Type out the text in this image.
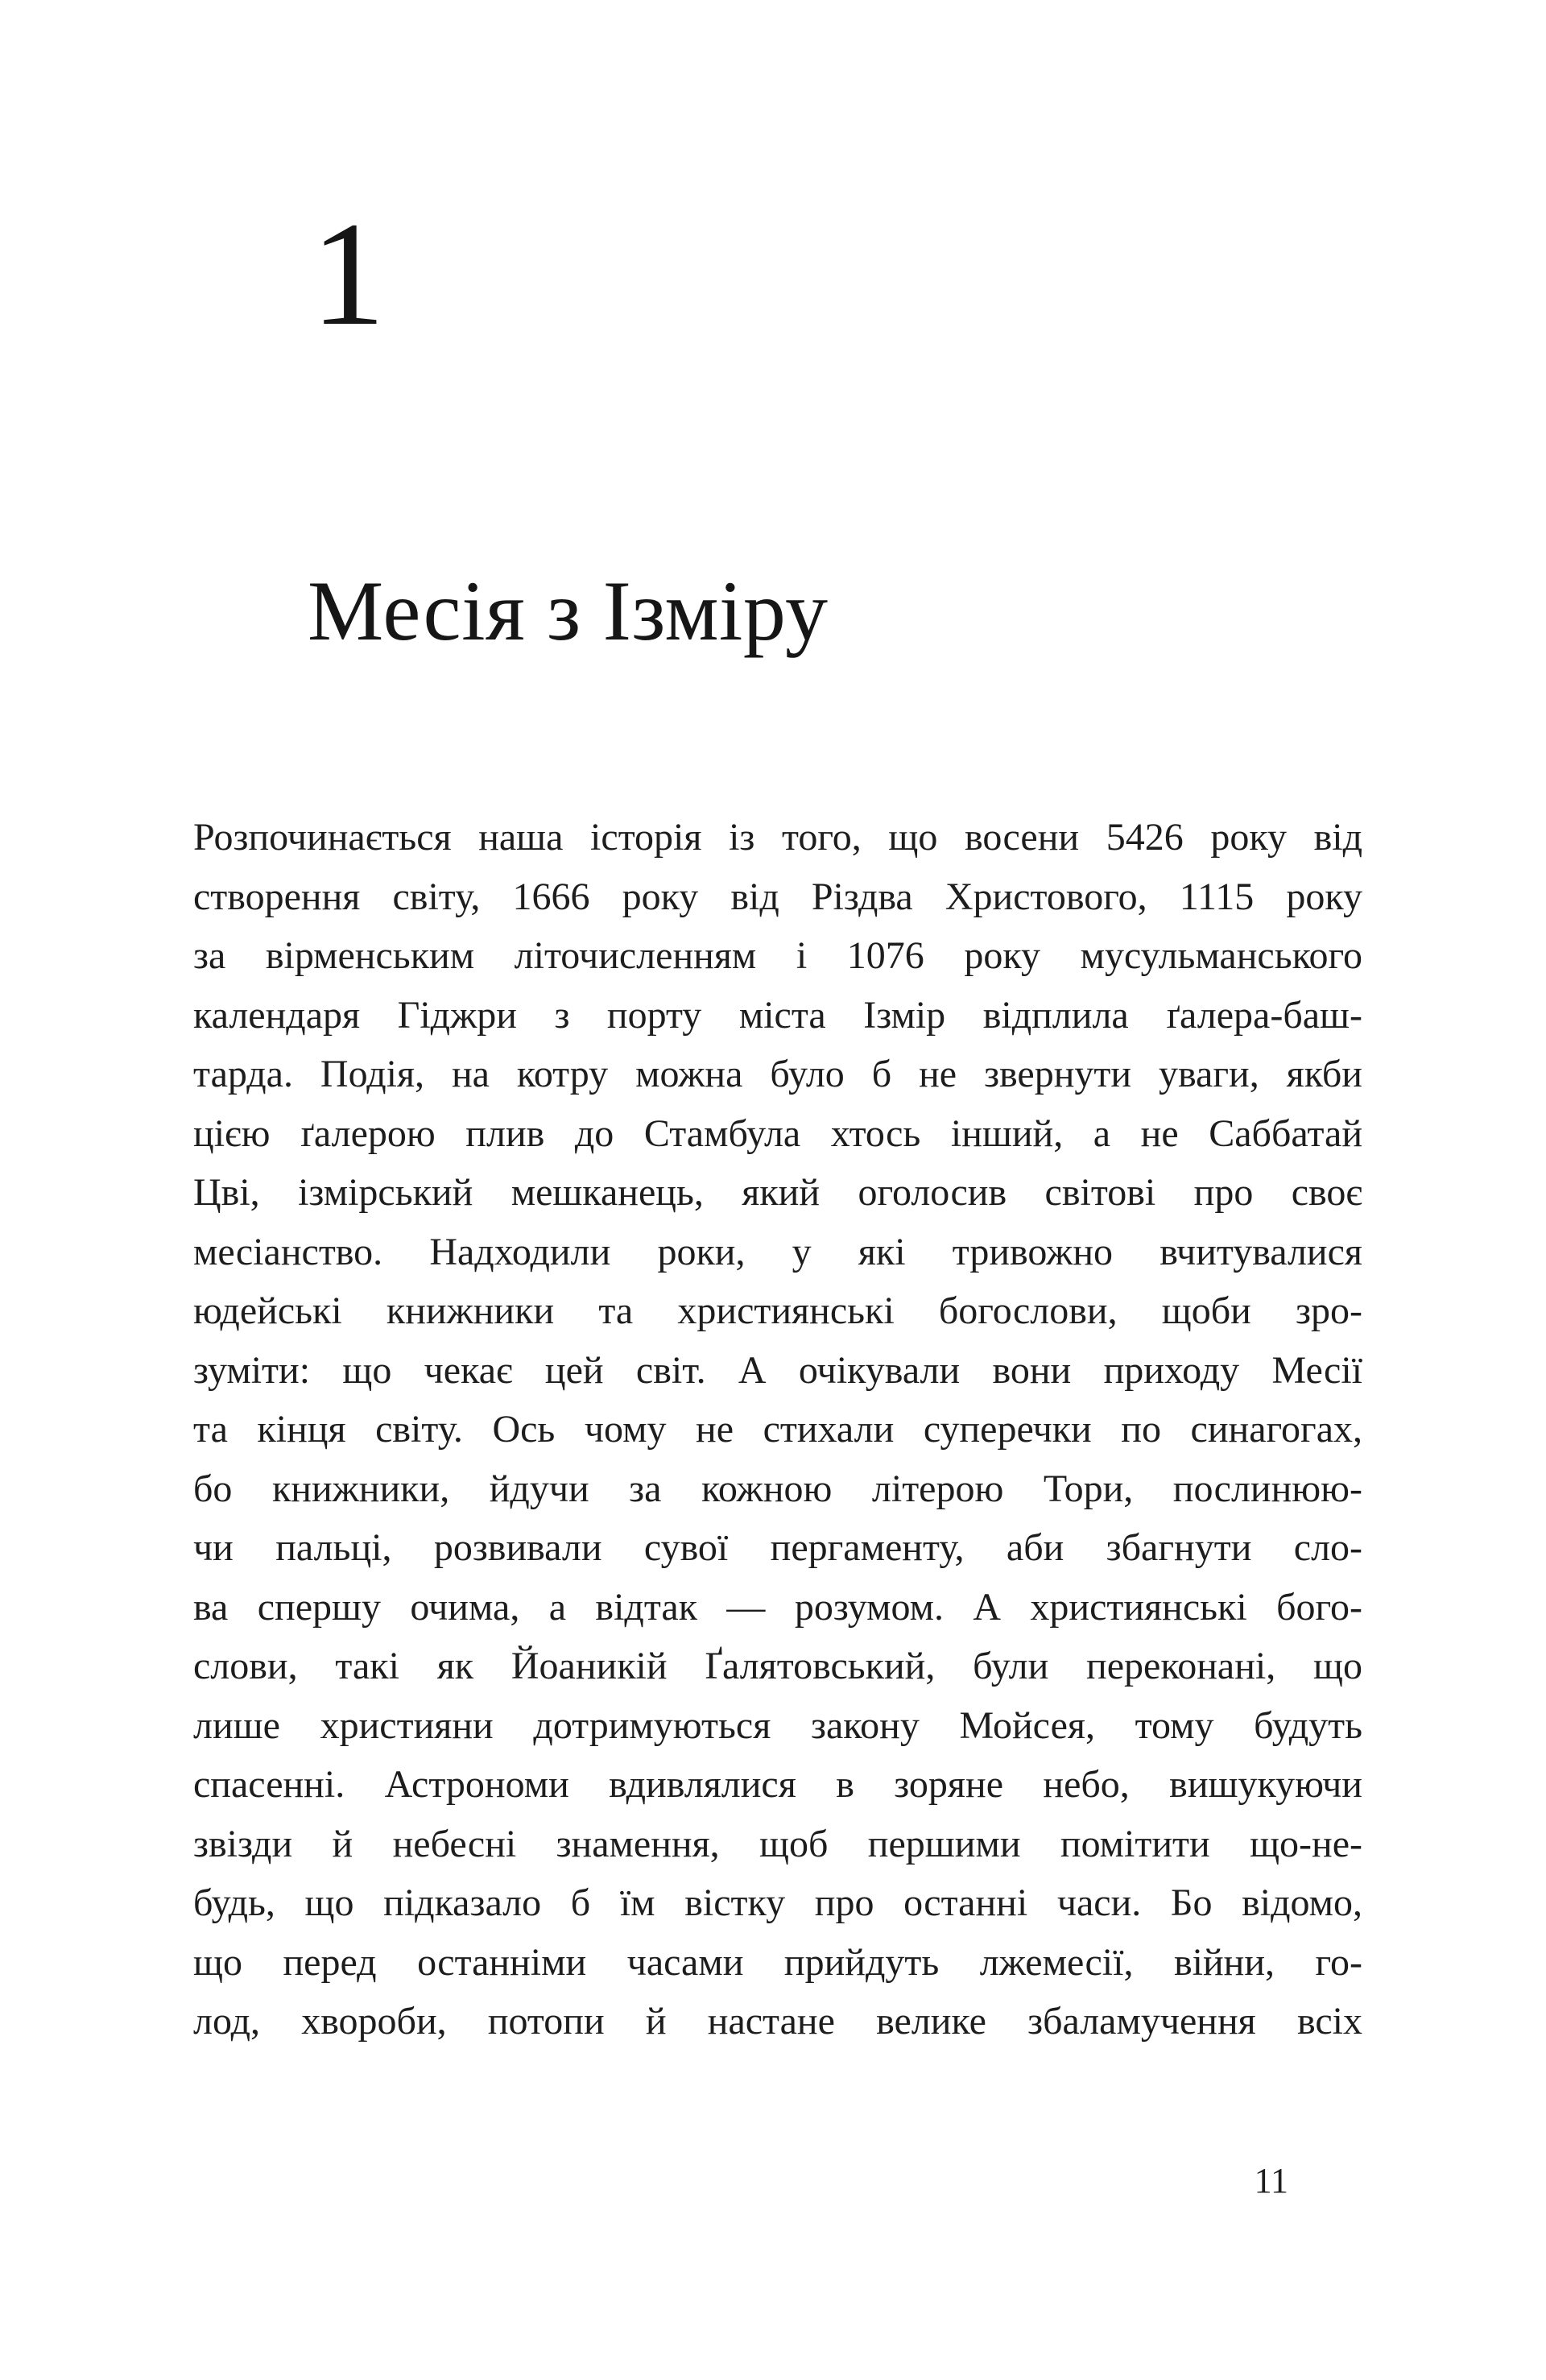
1
Месія з Ізміру
Розпочинається наша історія із того, що восени 5426 року від
створення світу, 1666 року від Різдва Христового, 1115 року
за вірменським літочисленням і 1076 року мусульманського
календаря Гіджри з порту міста Ізмір відплила ґалера-баш-
тарда. Подія, на котру можна було б не звернути уваги, якби
цією ґалерою плив до Стамбула хтось інший, а не Саббатай
Цві, ізмірський мешканець, який оголосив світові про своє
месіанство. Надходили роки, у які тривожно вчитувалися
юдейські книжники та християнські богослови, щоби зро-
зуміти: що чекає цей світ. А очікували вони приходу Месії
та кінця світу. Ось чому не стихали суперечки по синагогах,
бо книжники, йдучи за кожною літерою Тори, послинюю-
чи пальці, розвивали сувої пергаменту, аби збагнути сло-
ва спершу очима, а відтак — розумом. А християнські бого-
слови, такі як Йоаникій Ґалятовський, були переконані, що
лише християни дотримуються закону Мойсея, тому будуть
спасенні. Астрономи вдивлялися в зоряне небо, вишукуючи
звізди й небесні знамення, щоб першими помітити що-не-
будь, що підказало б їм вістку про останні часи. Бо відомо,
що перед останніми часами прийдуть лжемесії, війни, го-
лод, хвороби, потопи й настане велике збаламучення всіх
11
